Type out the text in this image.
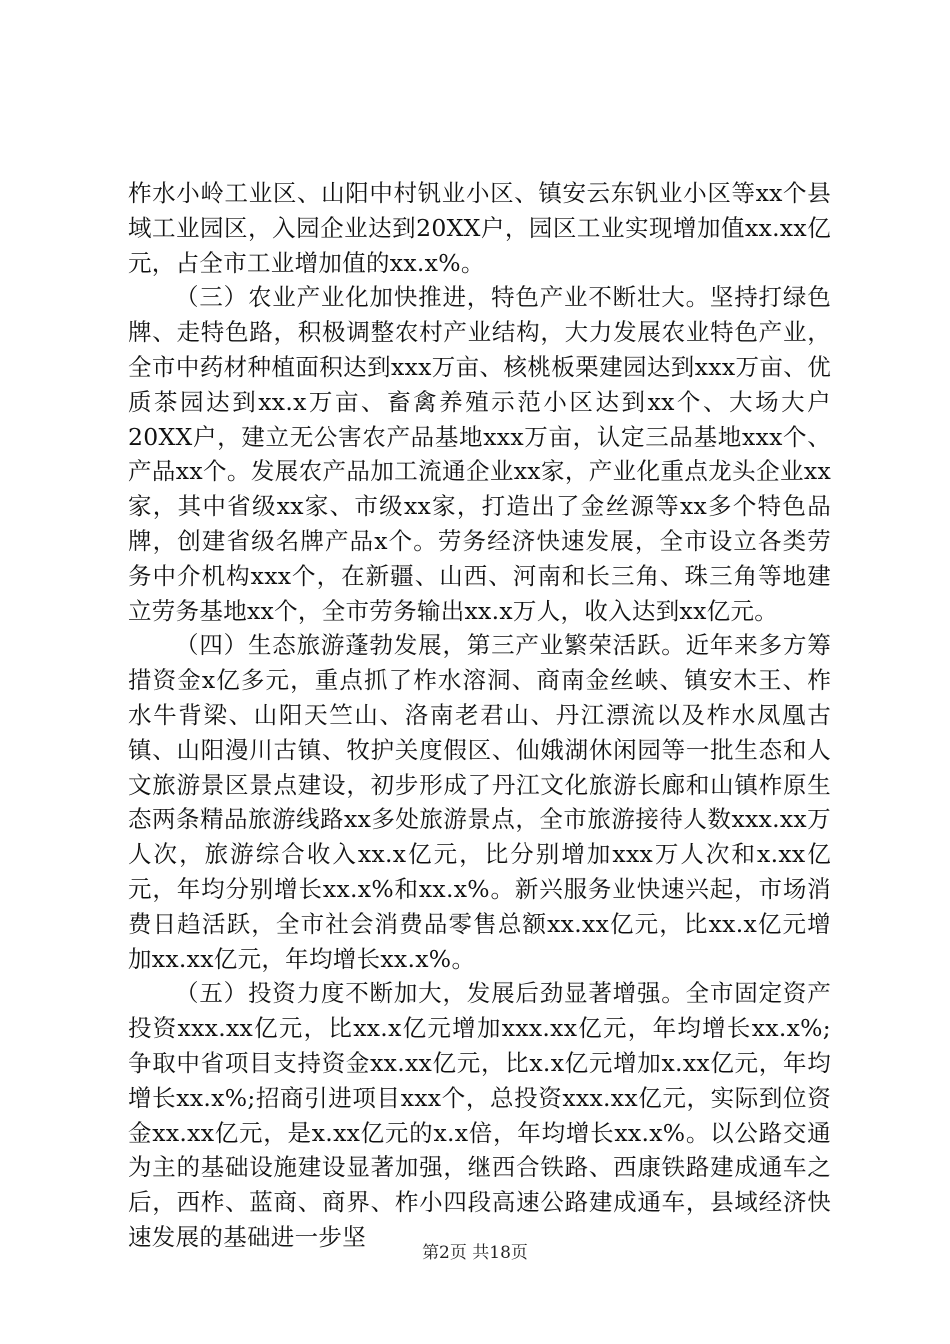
柞水小岭工业区、山阳中村钒业小区、镇安云东钒业小区等xx个县域工业园区，入园企业达到20XX户，园区工业实现增加值xx.xx亿元，占全市工业增加值的xx.x%。

（三）农业产业化加快推进，特色产业不断壮大。坚持打绿色牌、走特色路，积极调整农村产业结构，大力发展农业特色产业，全市中药材种植面积达到xxx万亩、核桃板栗建园达到xxx万亩、优质茶园达到xx.x万亩、畜禽养殖示范小区达到xx个、大场大户20XX户，建立无公害农产品基地xxx万亩，认定三品基地xxx个、产品xx个。发展农产品加工流通企业xx家，产业化重点龙头企业xx家，其中省级xx家、市级xx家，打造出了金丝源等xx多个特色品牌，创建省级名牌产品x个。劳务经济快速发展，全市设立各类劳务中介机构xxx个，在新疆、山西、河南和长三角、珠三角等地建立劳务基地xx个，全市劳务输出xx.x万人，收入达到xx亿元。

（四）生态旅游蓬勃发展，第三产业繁荣活跃。近年来多方筹措资金x亿多元，重点抓了柞水溶洞、商南金丝峡、镇安木王、柞水牛背梁、山阳天竺山、洛南老君山、丹江漂流以及柞水凤凰古镇、山阳漫川古镇、牧护关度假区、仙娥湖休闲园等一批生态和人文旅游景区景点建设，初步形成了丹江文化旅游长廊和山镇柞原生态两条精品旅游线路xx多处旅游景点，全市旅游接待人数xxx.xx万人次，旅游综合收入xx.x亿元，比分别增加xxx万人次和x.xx亿元，年均分别增长xx.x%和xx.x%。新兴服务业快速兴起，市场消费日趋活跃，全市社会消费品零售总额xx.xx亿元，比xx.x亿元增加xx.xx亿元，年均增长xx.x%。

（五）投资力度不断加大，发展后劲显著增强。全市固定资产投资xxx.xx亿元，比xx.x亿元增加xxx.xx亿元，年均增长xx.x%;争取中省项目支持资金xx.xx亿元，比x.x亿元增加x.xx亿元，年均增长xx.x%;招商引进项目xxx个，总投资xxx.xx亿元，实际到位资金xx.xx亿元，是x.xx亿元的x.x倍，年均增长xx.x%。以公路交通为主的基础设施建设显著加强，继西合铁路、西康铁路建成通车之后，西柞、蓝商、商界、柞小四段高速公路建成通车，县域经济快速发展的基础进一步坚

第2页 共18页
